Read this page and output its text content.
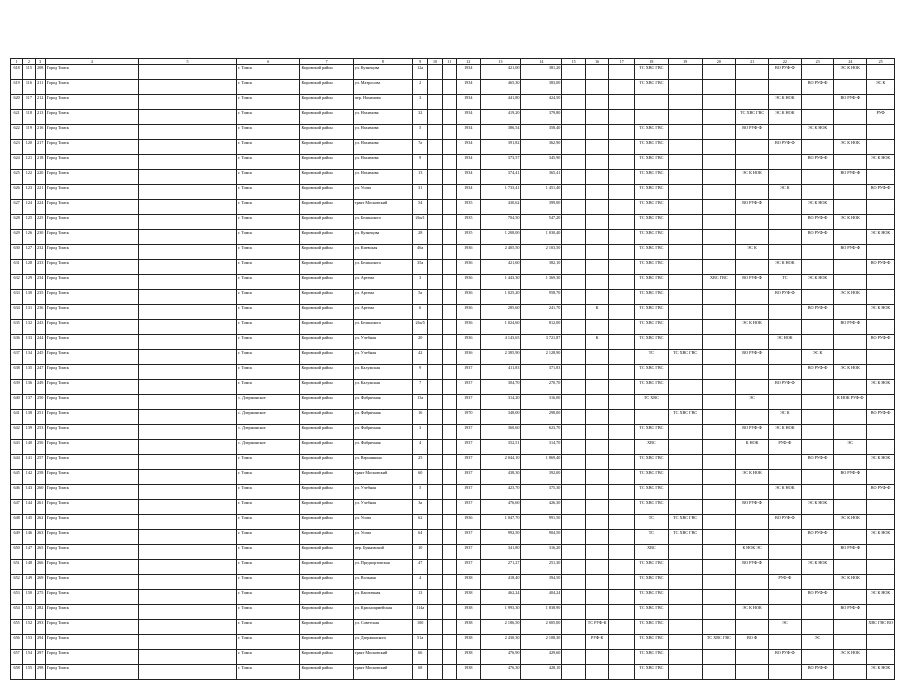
1	2	3	4	5	6	7	8	9	10	11	12	13	14	15	16	17	18	19	20	21	22	23	24	25
618	115	208	Город Томск		г. Томск	Кировский район	ул. Кузнецова	12а			1934	421,00	381,20				ТС ХВС ГВС				ВО РУФ-Ф		ЭС К НОК	
619	116	211	Город Томск		г. Томск	Кировский район	ул. Матросова	2			1934	465,30	383,00				ТС ХВС ГВС					ВО РУФ-Ф		ЭС К
620	117	212	Город Томск		г. Томск	Кировский район	пер. Нахимова	3			1934	441,80	424,50								ЭС К НОК		ВО РУФ-Ф	
621	118	213	Город Томск		г. Томск	Кировский район	ул. Нахимова	32			1934	419,20	379,80							ТС ХВС ГВС	ЭС К НОК			РУФ
622	119	216	Город Томск		г. Томск	Кировский район	ул. Нахимова	5			1934	386,54	358,40				ТС ХВС ГВС			ВО РУФ-Ф		ЭС К НОК		
623	120	217	Город Томск		г. Томск	Кировский район	ул. Нахимова	7а			1934	391,82	362,90				ТС ХВС ГВС				ВО РУФ-Ф		ЭС К НОК	
624	121	218	Город Томск		г. Томск	Кировский район	ул. Нахимова	9			1934	373,57	345,90				ТС ХВС ГВС					ВО РУФ-Ф		ЭС К НОК
625	122	220	Город Томск		г. Томск	Кировский район	ул. Нахимова	13			1934	374,41	365,41				ТС ХВС ГВС			ЭС К НОК			ВО РУФ-Ф	
626	123	221	Город Томск		г. Томск	Кировский район	ул. Усова	31			1934	1 733,41	1 451,40				ТС ХВС ГВС				ЭС К			ВО РУФ-Ф
627	124	224	Город Томск		г. Томск	Кировский район	тракт Московский	54			1935	430,62	399,00				ТС ХВС ГВС			ВО РУФ-Ф		ЭС К НОК		
628	125	225	Город Томск		г. Томск	Кировский район	ул. Белинского	26а/1			1935	704,50	547,20				ТС ХВС ГВС					ВО РУФ-Ф	ЭС К НОК	
629	126	230	Город Томск		г. Томск	Кировский район	ул. Кузнецова	28			1935	1 208,00	1 030,40				ТС ХВС ГВС					ВО РУФ-Ф		ЭС К НОК
630	127	232	Город Томск		г. Томск	Кировский район	ул. Киевская	46а			1936	2 405,50	2 103,50				ТС ХВС ГВС			ЭС К			ВО РУФ-Ф	
631	128	233	Город Томск		г. Томск	Кировский район	ул. Белинского	35а			1936	421,60	382,10				ТС ХВС ГВС				ЭС К НОК			ВО РУФ-Ф
632	129	234	Город Томск		г. Томск	Кировский район	ул. Артема	3			1936	1 443,30	1 369,30				ТС ХВС ГВС		ХВС ГВС	ВО РУФ-Ф	ТС	ЭС К НОК		
633	130	235	Город Томск		г. Томск	Кировский район	ул. Артема	5а			1936	1 025,20	958,70				ТС ХВС ГВС				ВО РУФ-Ф		ЭС К НОК	
634	131	236	Город Томск		г. Томск	Кировский район	ул. Артема	6			1936	285,60	241,70		К		ТС ХВС ГВС					ВО РУФ-Ф		ЭС К НОК
635	132	243	Город Томск		г. Томск	Кировский район	ул. Белинского	26а/5			1936	1 024,60	812,00				ТС ХВС ГВС			ЭС К НОК			ВО РУФ-Ф	
636	133	244	Город Томск		г. Томск	Кировский район	ул. Учебная	20			1936	4 143,65	3 721,87		К		ТС ХВС ГВС				ЭС НОК			ВО РУФ-Ф
637	134	245	Город Томск		г. Томск	Кировский район	ул. Учебная	42			1936	2 385,90	2 128,90				ТС	ТС ХВС ГВС		ВО РУФ-Ф		ЭС К		
638	135	247	Город Томск		г. Томск	Кировский район	ул. Калужская	9			1937	411,83	371,83				ТС ХВС ГВС					ВО РУФ-Ф	ЭС К НОК	
639	136	249	Город Томск		г. Томск	Кировский район	ул. Калужская	7			1937	304,70	270,70				ТС ХВС ГВС				ВО РУФ-Ф			ЭС К НОК
640	137	250	Город Томск		с. Дзержинское	Кировский район	ул. Фабричная	13а			1937	314,20	316,00				ТС ХВС			ЭС			К НОК РУФ-Ф	
641	138	251	Город Томск		с. Дзержинское	Кировский район	ул. Фабричная	16			1970	348,00	298,00					ТС ХВС ГВС			ЭС К			ВО РУФ-Ф
642	139	253	Город Томск		с. Дзержинское	Кировский район	ул. Фабричная	3			1937	360,60	623,70				ТС ХВС ГВС			ВО РУФ-Ф	ЭС К НОК			
643	140	256	Город Томск		с. Дзержинское	Кировский район	ул. Фабричная	4			1937	352,51	314,70				ХВС			К НОК	РУФ-Ф		ЭС	
644	141	257	Город Томск		г. Томск	Кировский район	ул. Вершинина	25			1937	2 044,10	1 869,40				ТС ХВС ГВС					ВО РУФ-Ф		ЭС К НОК
645	142	258	Город Томск		г. Томск	Кировский район	тракт Московский	60			1937	438,30	392,00				ТС ХВС ГВС			ЭС К НОК			ВО РУФ-Ф	
646	143	260	Город Томск		г. Томск	Кировский район	ул. Учебная	5			1937	423,70	375,30				ТС ХВС ГВС				ЭС К НОК			ВО РУФ-Ф
647	144	261	Город Томск		г. Томск	Кировский район	ул. Учебная	3а			1937	476,60	426,30				ТС ХВС ГВС			ВО РУФ-Ф		ЭС К НОК		
648	145	262	Город Томск		г. Томск	Кировский район	ул. Усова	62			1936	1 047,70	991,50				ТС	ТС ХВС ГВС			ВО РУФ-Ф		ЭС К НОК	
649	146	263	Город Томск		г. Томск	Кировский район	ул. Усова	64			1937	992,50	904,50				ТС	ТС ХВС ГВС				ВО РУФ-Ф		ЭС К НОК
650	147	265	Город Томск		г. Томск	Кировский район	пер. Буяновский	10			1937	341,80	316,20				ХВС			К НОК ЭС			ВО РУФ-Ф	
651	148	266	Город Томск		г. Томск	Кировский район	ул. Предпортовская	47			1937	271,27	251,30				ТС ХВС ГВС			ВО РУФ-Ф		ЭС К НОК		
652	149	269	Город Томск		г. Томск	Кировский район	ул. Вольная	4			1938	418,40	394,50				ТС ХВС ГВС				РУФ-Ф		ЭС К НОК	
653	150	275	Город Томск		г. Томск	Кировский район	ул. Каштачная	13			1938	462,24	404,24				ТС ХВС ГВС					ВО РУФ-Ф		ЭС К НОК
654	151	282	Город Томск		г. Томск	Кировский район	ул. Красноармейская	114а			1938	1 993,30	1 838,90				ТС ХВС ГВС			ЭС К НОК			ВО РУФ-Ф	
655	152	293	Город Томск		г. Томск	Кировский район	ул. Советская	100			1938	2 186,50	2 005,00		ТС РУФ-К		ТС ХВС ГВС				ЭС			ХВС ГВС ВО
656	153	294	Город Томск		г. Томск	Кировский район	ул. Дзержинского	51а			1938	2 430,30	2 108,30		РУФ-К		ТС ХВС ГВС		ТС ХВС ГВС	ВО Ф		ЭС		
657	154	297	Город Томск		г. Томск	Кировский район	тракт Московский	66			1938	476,90	429,60				ТС ХВС ГВС				ВО РУФ-Ф		ЭС К НОК	
658	155	298	Город Томск		г. Томск	Кировский район	тракт Московский	68			1938	476,30	428,10				ТС ХВС ГВС					ВО РУФ-Ф		ЭС К НОК
